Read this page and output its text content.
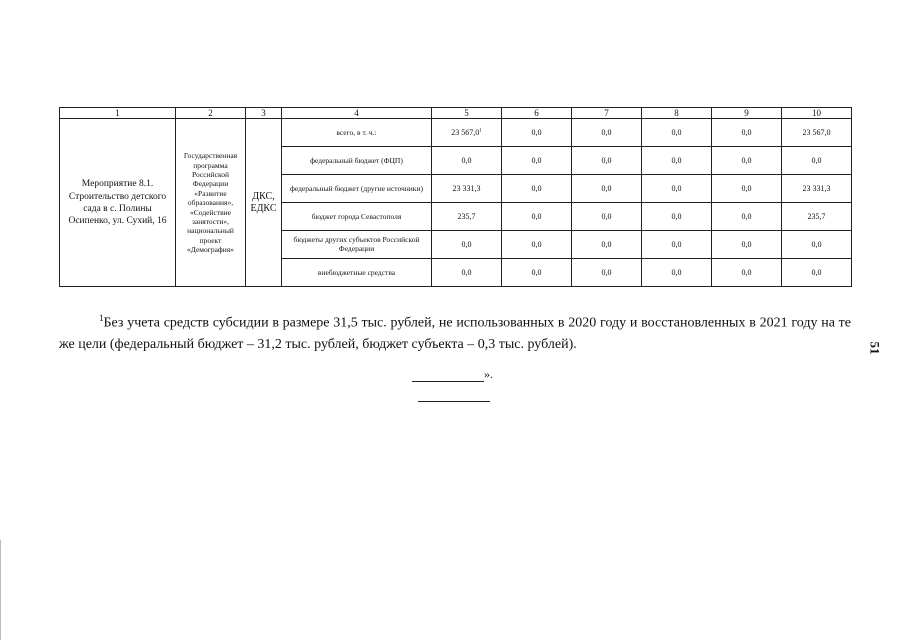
1	2	3	4	5	6	7	8	9	10
Мероприятие 8.1. Строительство детского сада в с. Полины Осипенко, ул. Сухий, 16	Государственная программа Российской Федерации «Развитие образования», «Содействие занятости», национальный проект «Демография»	ДКС, ЕДКС	всего, в т. ч.:	23 567,0$^1$	0,0	0,0	0,0	0,0	23 567,0
			федеральный бюджет (ФЦП)	0,0	0,0	0,0	0,0	0,0	0,0
			федеральный бюджет (другие источники)	23 331,3	0,0	0,0	0,0	0,0	23 331,3
			бюджет города Севастополя	235,7	0,0	0,0	0,0	0,0	235,7
			бюджеты других субъектов Российской Федерации	0,0	0,0	0,0	0,0	0,0	0,0
			внебюджетные средства	0,0	0,0	0,0	0,0	0,0	0,0

$^1$Без учета средств субсидии в размере 31,5 тыс. рублей, не использованных в 2020 году и восстановленных в 2021 году на те же цели (федеральный бюджет – 31,2 тыс. рублей, бюджет субъекта – 0,3 тыс. рублей).

».
51
